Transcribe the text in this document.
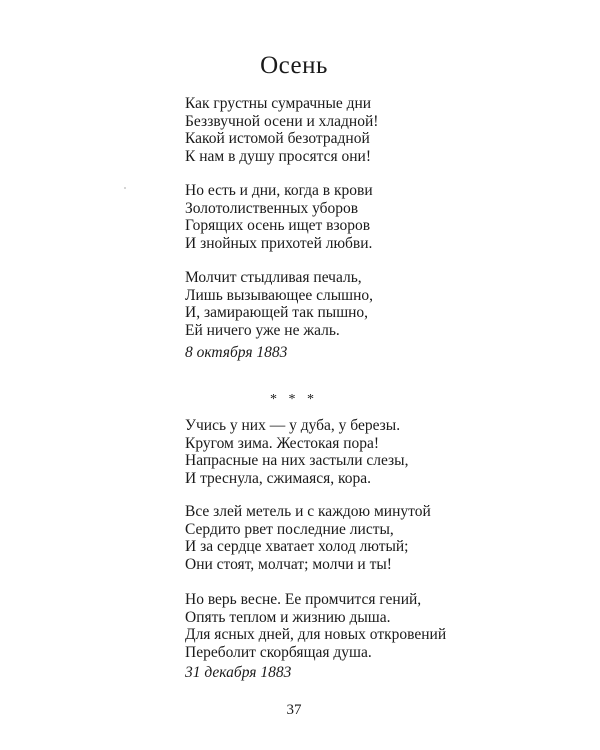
Осень
Как грустны сумрачные дни
Беззвучной осени и хладной!
Какой истомой безотрадной
К нам в душу просятся они!
Но есть и дни, когда в крови
Золотолиственных уборов
Горящих осень ищет взоров
И знойных прихотей любви.
Молчит стыдливая печаль,
Лишь вызывающее слышно,
И, замирающей так пышно,
Ей ничего уже не жаль.
8 октября 1883
* * *
Учись у них — у дуба, у березы.
Кругом зима. Жестокая пора!
Напрасные на них застыли слезы,
И треснула, сжимаяся, кора.
Все злей метель и с каждою минутой
Сердито рвет последние листы,
И за сердце хватает холод лютый;
Они стоят, молчат; молчи и ты!
Но верь весне. Ее промчится гений,
Опять теплом и жизнию дыша.
Для ясных дней, для новых откровений
Переболит скорбящая душа.
31 декабря 1883
37
